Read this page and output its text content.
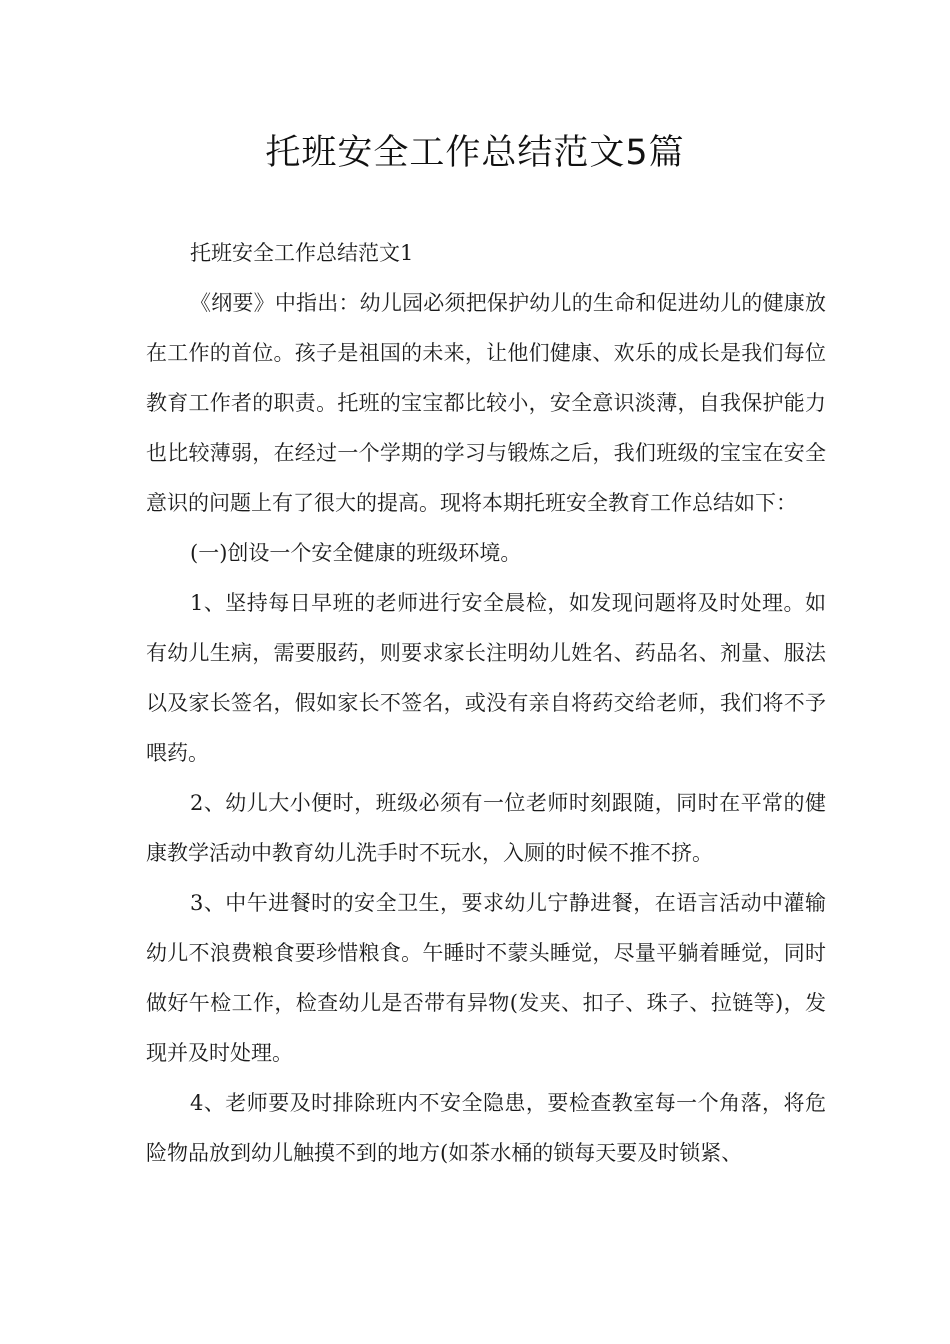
托班安全工作总结范文5篇

托班安全工作总结范文1

《纲要》中指出：幼儿园必须把保护幼儿的生命和促进幼儿的健康放在工作的首位。孩子是祖国的未来，让他们健康、欢乐的成长是我们每位教育工作者的职责。托班的宝宝都比较小，安全意识淡薄，自我保护能力也比较薄弱，在经过一个学期的学习与锻炼之后，我们班级的宝宝在安全意识的问题上有了很大的提高。现将本期托班安全教育工作总结如下：

(一)创设一个安全健康的班级环境。

1、坚持每日早班的老师进行安全晨检，如发现问题将及时处理。如有幼儿生病，需要服药，则要求家长注明幼儿姓名、药品名、剂量、服法以及家长签名，假如家长不签名，或没有亲自将药交给老师，我们将不予喂药。

2、幼儿大小便时，班级必须有一位老师时刻跟随，同时在平常的健康教学活动中教育幼儿洗手时不玩水，入厕的时候不推不挤。

3、中午进餐时的安全卫生，要求幼儿宁静进餐，在语言活动中灌输幼儿不浪费粮食要珍惜粮食。午睡时不蒙头睡觉，尽量平躺着睡觉，同时做好午检工作，检查幼儿是否带有异物(发夹、扣子、珠子、拉链等)，发现并及时处理。

4、老师要及时排除班内不安全隐患，要检查教室每一个角落，将危险物品放到幼儿触摸不到的地方(如茶水桶的锁每天要及时锁紧、
